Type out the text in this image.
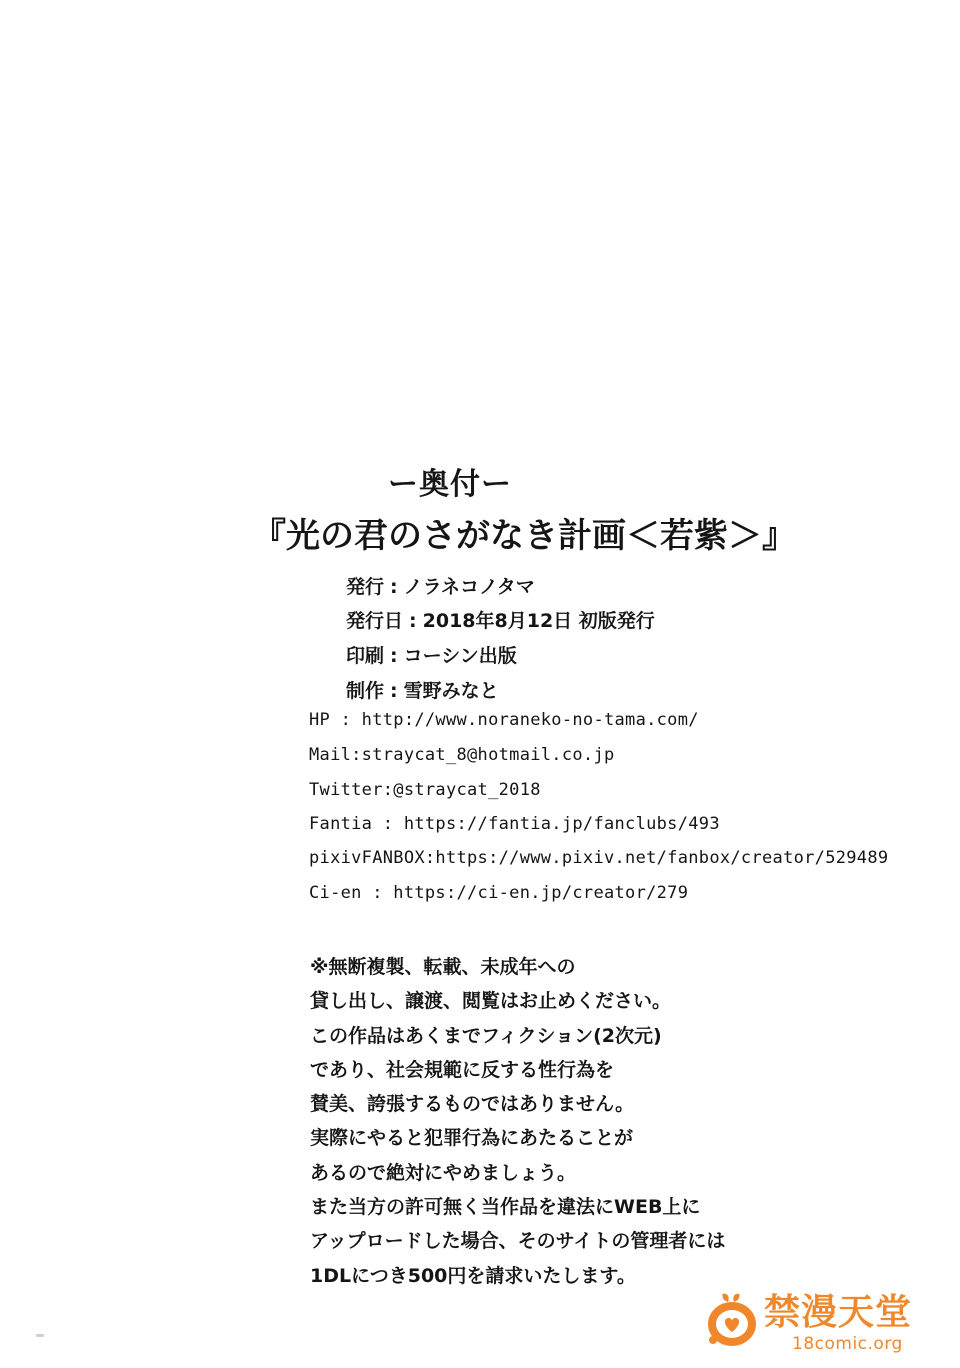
ー奥付ー
『光の君のさがなき計画＜若紫＞』
発行 : ノラネコノタマ
発行日 : 2018年8月12日 初版発行
印刷 : コーシン出版
制作 : 雪野みなと
HP : http://www.noraneko-no-tama.com/
Mail:straycat_8@hotmail.co.jp
Twitter:@straycat_2018
Fantia : https://fantia.jp/fanclubs/493
pixivFANBOX:https://www.pixiv.net/fanbox/creator/529489
Ci-en : https://ci-en.jp/creator/279
※無断複製、転載、未成年への
貸し出し、譲渡、閲覧はお止めください。
この作品はあくまでフィクション(2次元)
であり、社会規範に反する性行為を
賛美、誇張するものではありません。
実際にやると犯罪行為にあたることが
あるので絶対にやめましょう。
また当方の許可無く当作品を違法にWEB上に
アップロードした場合、そのサイトの管理者には
1DLにつき500円を請求いたします。
禁漫天堂
18comic.org
